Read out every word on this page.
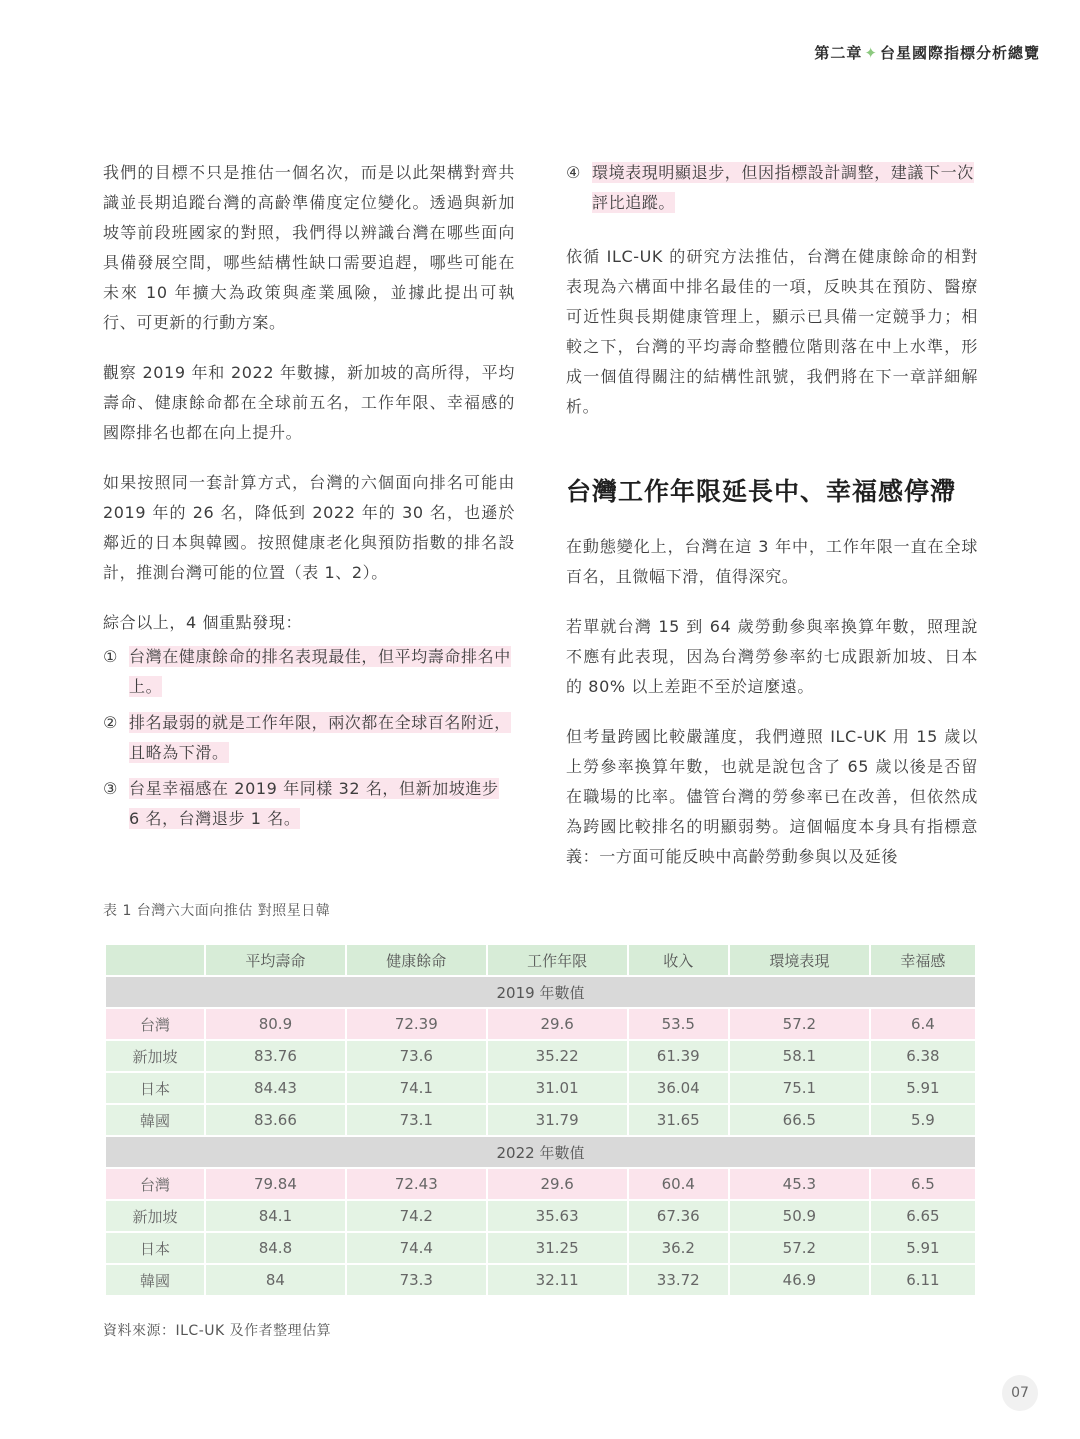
第二章 ✦ 台星國際指標分析總覽

我們的目標不只是推估一個名次，而是以此架構對齊共識並長期追蹤台灣的高齡準備度定位變化。透過與新加坡等前段班國家的對照，我們得以辨識台灣在哪些面向具備發展空間，哪些結構性缺口需要追趕，哪些可能在未來 10 年擴大為政策與產業風險，並據此提出可執行、可更新的行動方案。

觀察 2019 年和 2022 年數據，新加坡的高所得，平均壽命、健康餘命都在全球前五名，工作年限、幸福感的國際排名也都在向上提升。

如果按照同一套計算方式，台灣的六個面向排名可能由 2019 年的 26 名，降低到 2022 年的 30 名，也遜於鄰近的日本與韓國。按照健康老化與預防指數的排名設計，推測台灣可能的位置（表 1、2）。

綜合以上，4 個重點發現：

① 台灣在健康餘命的排名表現最佳，但平均壽命排名中上。
② 排名最弱的就是工作年限，兩次都在全球百名附近，且略為下滑。
③ 台星幸福感在 2019 年同樣 32 名，但新加坡進步 6 名，台灣退步 1 名。
④ 環境表現明顯退步，但因指標設計調整，建議下一次評比追蹤。

依循 ILC-UK 的研究方法推估，台灣在健康餘命的相對表現為六構面中排名最佳的一項，反映其在預防、醫療可近性與長期健康管理上，顯示已具備一定競爭力；相較之下，台灣的平均壽命整體位階則落在中上水準，形成一個值得關注的結構性訊號，我們將在下一章詳細解析。

台灣工作年限延長中、幸福感停滯

在動態變化上，台灣在這 3 年中，工作年限一直在全球百名，且微幅下滑，值得深究。

若單就台灣 15 到 64 歲勞動參與率換算年數，照理說不應有此表現，因為台灣勞參率約七成跟新加坡、日本的 80% 以上差距不至於這麼遠。

但考量跨國比較嚴謹度，我們遵照 ILC-UK 用 15 歲以上勞參率換算年數，也就是說包含了 65 歲以後是否留在職場的比率。儘管台灣的勞參率已在改善，但依然成為跨國比較排名的明顯弱勢。這個幅度本身具有指標意義：一方面可能反映中高齡勞動參與以及延後

表 1 台灣六大面向推估 對照星日韓
	平均壽命	健康餘命	工作年限	收入	環境表現	幸福感
2019 年數值						
台灣	80.9	72.39	29.6	53.5	57.2	6.4
新加坡	83.76	73.6	35.22	61.39	58.1	6.38
日本	84.43	74.1	31.01	36.04	75.1	5.91
韓國	83.66	73.1	31.79	31.65	66.5	5.9
2022 年數值						
台灣	79.84	72.43	29.6	60.4	45.3	6.5
新加坡	84.1	74.2	35.63	67.36	50.9	6.65
日本	84.8	74.4	31.25	36.2	57.2	5.91
韓國	84	73.3	32.11	33.72	46.9	6.11
資料來源：ILC-UK 及作者整理估算
07
